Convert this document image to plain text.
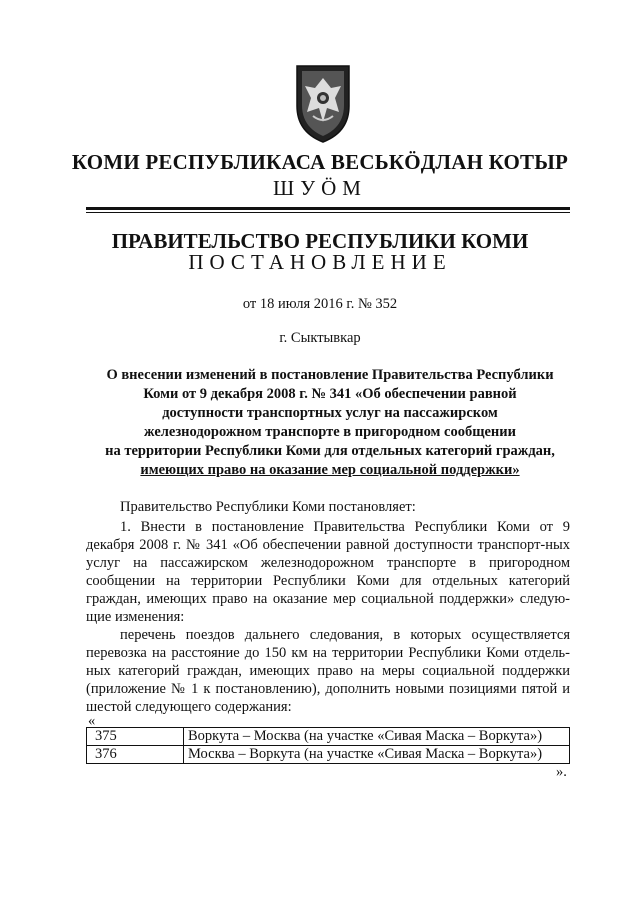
КОМИ РЕСПУБЛИКАСА ВЕСЬКӦДЛАН КОТЫР
ШУӦМ
ПРАВИТЕЛЬСТВО РЕСПУБЛИКИ КОМИ
ПОСТАНОВЛЕНИЕ
от 18 июля 2016 г. № 352
г. Сыктывкар
О внесении изменений в постановление Правительства Республики
Коми от 9 декабря 2008 г. № 341 «Об обеспечении равной
доступности транспортных услуг на пассажирском
железнодорожном транспорте в пригородном сообщении
на территории Республики Коми для отдельных категорий граждан,
имеющих право на оказание мер социальной поддержки»
Правительство Республики Коми постановляет:
1. Внести в постановление Правительства Республики Коми от 9 декабря 2008 г. № 341 «Об обеспечении равной доступности транспорт-ных услуг на пассажирском железнодорожном транспорте в пригородном сообщении на территории Республики Коми для отдельных категорий граждан, имеющих право на оказание мер социальной поддержки» следую-щие изменения:
перечень поездов дальнего следования, в которых осуществляется перевозка на расстояние до 150 км на территории Республики Коми отдель-ных категорий граждан, имеющих право на меры социальной поддержки (приложение № 1 к постановлению), дополнить новыми позициями пятой и шестой следующего содержания:
«
375	Воркута – Москва (на участке «Сивая Маска – Воркута»)
376	Москва – Воркута (на участке «Сивая Маска – Воркута»)
».
